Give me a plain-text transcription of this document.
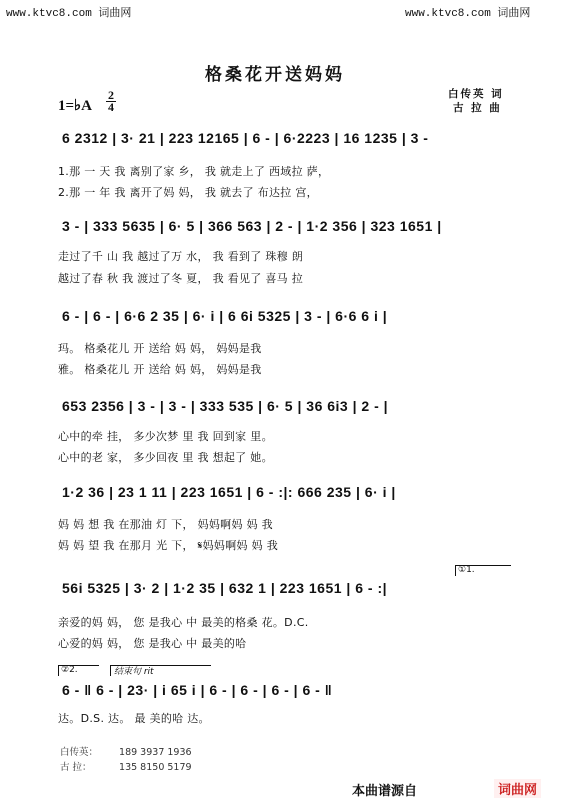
www.ktvc8.com 词曲网	www.ktvc8.com 词曲网
格桑花开送妈妈
白传英 词
古 拉 曲
1=♭A
2
4
6 2312 | 3· 21 | 223 12165 | 6 - | 6·2223 | 16 1235 | 3 -
1.那 一 天 我 离别了家 乡， 我 就走上了 西域拉 萨，
2.那 一 年 我 离开了妈 妈， 我 就去了 布达拉 宫，
3 - | 333 5635 | 6· 5 | 366 563 | 2 - | 1·2 356 | 323 1651 |
走过了千 山 我 越过了万 水， 我 看到了 珠穆 朗
越过了春 秋 我 渡过了冬 夏， 我 看见了 喜马 拉
6 - | 6 - | 6·6 2 35 | 6· i | 6 6i 5325 | 3 - | 6·6 6 i |
玛。 格桑花儿 开 送给 妈 妈， 妈妈是我
雅。 格桑花儿 开 送给 妈 妈， 妈妈是我
653 2356 | 3 - | 3 - | 333 535 | 6· 5 | 36 6i3 | 2 - |
心中的牵 挂， 多少次梦 里 我 回到家 里。
心中的老 家， 多少回夜 里 我 想起了 她。
1·2 36 | 23 1 11 | 223 1651 | 6 - :|: 666 235 | 6· i |
妈 妈 想 我 在那油 灯 下， 妈妈啊妈 妈 我
妈 妈 望 我 在那月 光 下， 𝄋妈妈啊妈 妈 我
①1.
56i 5325 | 3· 2 | 1·2 35 | 632 1 | 223 1651 | 6 - :|
亲爱的妈 妈， 您 是我心 中 最美的格桑 花。D.C.
心爱的妈 妈， 您 是我心 中 最美的哈
②2.	结束句 rit
6 - ‖ 6 - | 23· | i 65 i | 6 - | 6 - | 6 - | 6 - ‖
达。D.S. 达。 最 美的哈 达。
白传英： 189 3937 1936
古 拉：	135 8150 5179
本曲谱源自	词曲网
